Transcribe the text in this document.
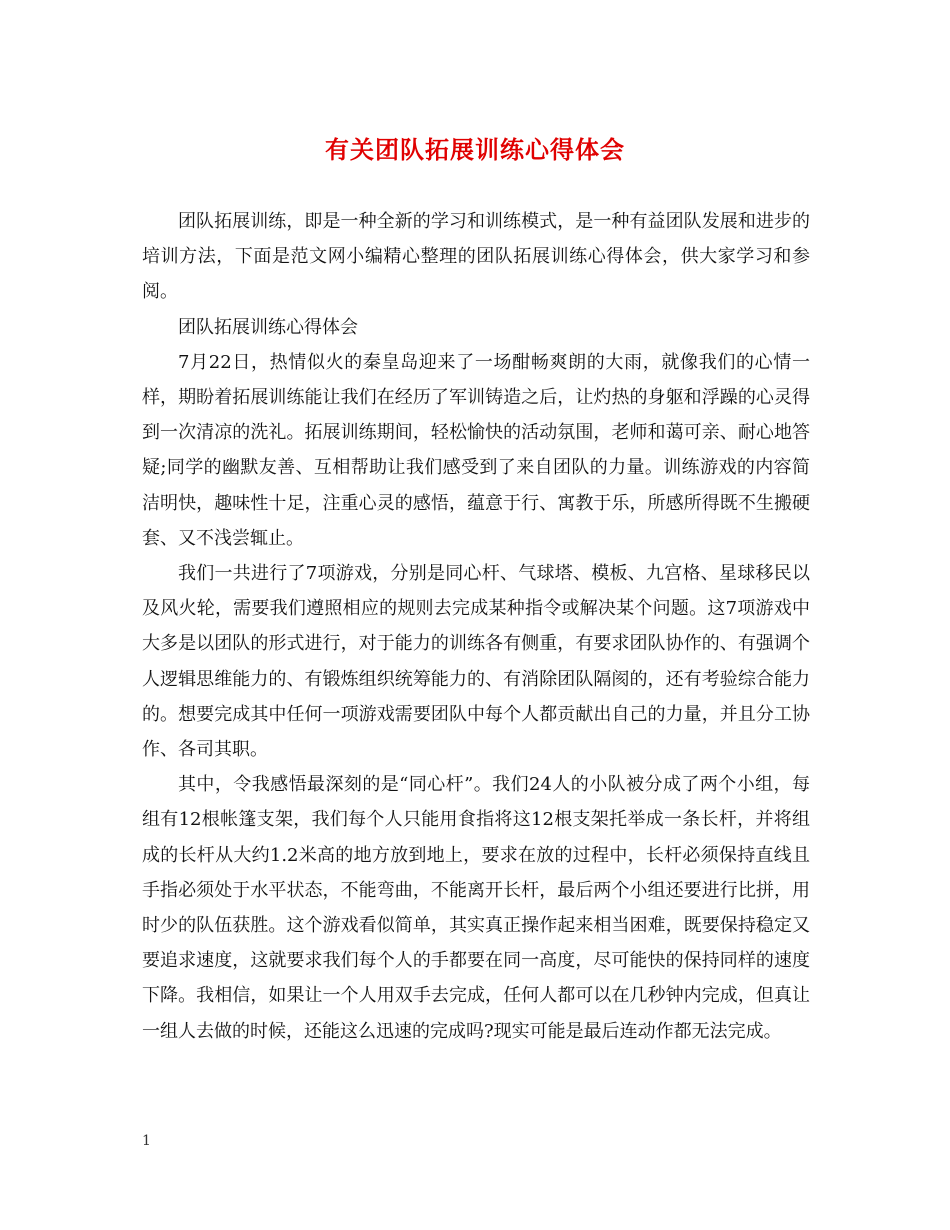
有关团队拓展训练心得体会

团队拓展训练，即是一种全新的学习和训练模式，是一种有益团队发展和进步的培训方法，下面是范文网小编精心整理的团队拓展训练心得体会，供大家学习和参阅。

团队拓展训练心得体会

7月22日，热情似火的秦皇岛迎来了一场酣畅爽朗的大雨，就像我们的心情一样，期盼着拓展训练能让我们在经历了军训铸造之后，让灼热的身躯和浮躁的心灵得到一次清凉的洗礼。拓展训练期间，轻松愉快的活动氛围，老师和蔼可亲、耐心地答疑;同学的幽默友善、互相帮助让我们感受到了来自团队的力量。训练游戏的内容简洁明快，趣味性十足，注重心灵的感悟，蕴意于行、寓教于乐，所感所得既不生搬硬套、又不浅尝辄止。

我们一共进行了7项游戏，分别是同心杆、气球塔、模板、九宫格、星球移民以及风火轮，需要我们遵照相应的规则去完成某种指令或解决某个问题。这7项游戏中大多是以团队的形式进行，对于能力的训练各有侧重，有要求团队协作的、有强调个人逻辑思维能力的、有锻炼组织统筹能力的、有消除团队隔阂的，还有考验综合能力的。想要完成其中任何一项游戏需要团队中每个人都贡献出自己的力量，并且分工协作、各司其职。

其中，令我感悟最深刻的是“同心杆”。我们24人的小队被分成了两个小组，每组有12根帐篷支架，我们每个人只能用食指将这12根支架托举成一条长杆，并将组成的长杆从大约1.2米高的地方放到地上，要求在放的过程中，长杆必须保持直线且手指必须处于水平状态，不能弯曲，不能离开长杆，最后两个小组还要进行比拼，用时少的队伍获胜。这个游戏看似简单，其实真正操作起来相当困难，既要保持稳定又要追求速度，这就要求我们每个人的手都要在同一高度，尽可能快的保持同样的速度下降。我相信，如果让一个人用双手去完成，任何人都可以在几秒钟内完成，但真让一组人去做的时候，还能这么迅速的完成吗?现实可能是最后连动作都无法完成。

1
